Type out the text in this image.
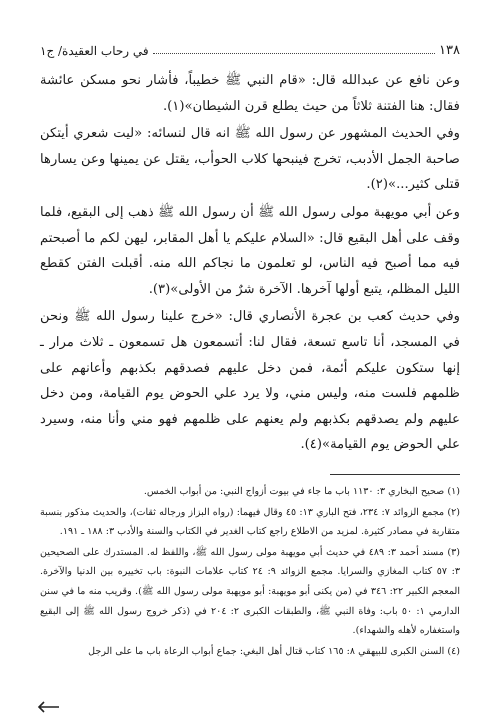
١٣٨
في رحاب العقيدة/ ج١

وعن نافع عن عبدالله قال: «قام النبي ﷺ خطيباً، فأشار نحو مسكن عائشة فقال: هنا الفتنة ثلاثاً من حيث يطلع قرن الشيطان»(١).

وفي الحديث المشهور عن رسول الله ﷺ انه قال لنسائه: «ليت شعري أيتكن صاحبة الجمل الأدبب، تخرج فينبحها كلاب الحوأب، يقتل عن يمينها وعن يسارها قتلى كثير...»(٢).

وعن أبي مويهبة مولى رسول الله ﷺ أن رسول الله ﷺ ذهب إلى البقيع، فلما وقف على أهل البقيع قال: «السلام عليكم يا أهل المقابر، ليهن لكم ما أصبحتم فيه مما أصبح فيه الناس، لو تعلمون ما نجاكم الله منه. أقبلت الفتن كقطع الليل المظلم، يتبع أولها آخرها. الآخرة شرٌ من الأولى»(٣).

وفي حديث كعب بن عجرة الأنصاري قال: «خرج علينا رسول الله ﷺ ونحن في المسجد، أنا تاسع تسعة، فقال لنا: أتسمعون هل تسمعون ـ ثلاث مرار ـ إنها ستكون عليكم أئمة، فمن دخل عليهم فصدقهم بكذبهم وأعانهم على ظلمهم فلست منه، وليس مني، ولا يرد علي الحوض يوم القيامة، ومن دخل عليهم ولم يصدقهم بكذبهم ولم يعنهم على ظلمهم فهو مني وأنا منه، وسيرد علي الحوض يوم القيامة»(٤).

(١) صحيح البخاري ٣: ١١٣٠ باب ما جاء في بيوت أزواج النبي: من أبواب الخمس.

(٢) مجمع الزوائد ٧: ٢٣٤، فتح الباري ١٣: ٤٥ وقال فيهما: (رواه البزاز ورجاله ثقات)، والحديث مذكور بنسبة متقاربة في مصادر كثيرة. لمزيد من الاطلاع راجع كتاب الغدير في الكتاب والسنة والأدب ٣: ١٨٨ ـ ١٩١.

(٣) مسند أحمد ٣: ٤٨٩ في حديث أبي مويهبة مولى رسول الله ﷺ، واللفظ له. المستدرك على الصحيحين ٣: ٥٧ كتاب المغازي والسرايا. مجمع الزوائد ٩: ٢٤ كتاب علامات النبوة: باب تخييره بين الدنيا والآخرة. المعجم الكبير ٢٢: ٣٤٦ في (من يكنى أبو مويهبة: أبو مويهبة مولى رسول الله ﷺ). وقريب منه ما في سنن الدارمي ١: ٥٠ باب: وفاة النبي ﷺ، والطبقات الكبرى ٢: ٢٠٤ في (ذكر خروج رسول الله ﷺ إلى البقيع واستغفاره لأهله والشهداء).

(٤) السنن الكبرى للبيهقي ٨: ١٦٥ كتاب قتال أهل البغي: جماع أبواب الرعاة باب ما على الرجل
